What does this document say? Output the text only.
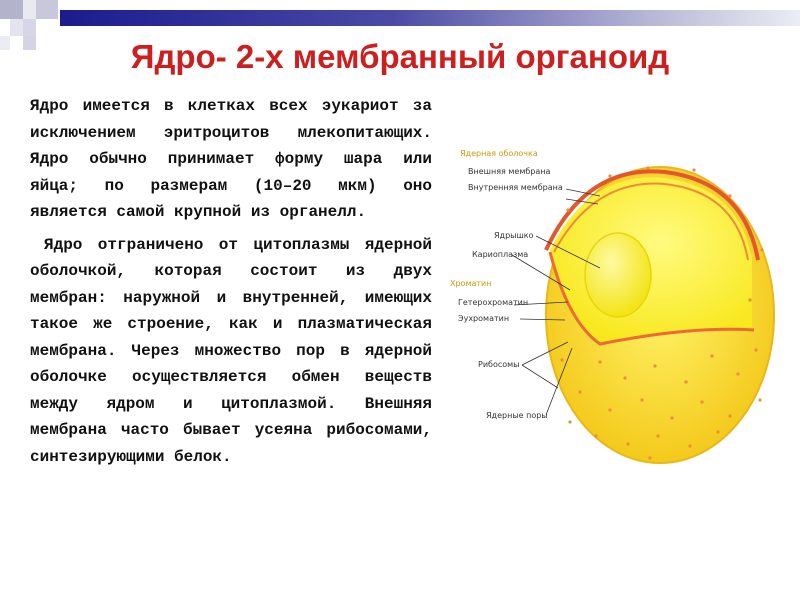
Ядро- 2-х мембранный органоид

Ядро имеется в клетках всех эукариот за исключением эритроцитов млекопитающих. Ядро обычно принимает форму шара или яйца; по размерам (10–20 мкм) оно является самой крупной из органелл.

Ядро отграничено от цитоплазмы ядерной оболочкой, которая состоит из двух мембран: наружной и внутренней, имеющих такое же строение, как и плазматическая мембрана. Через множество пор в ядерной оболочке осуществляется обмен веществ между ядром и цитоплазмой. Внешняя мембрана часто бывает усеяна рибосомами, синтезирующими белок.

Ядерная оболочка
Внешняя мембрана
Внутренняя мембрана
Ядрышко
Кариоплазма
Хроматин
Гетерохроматин
Эухроматин
Рибосомы
Ядерные поры
